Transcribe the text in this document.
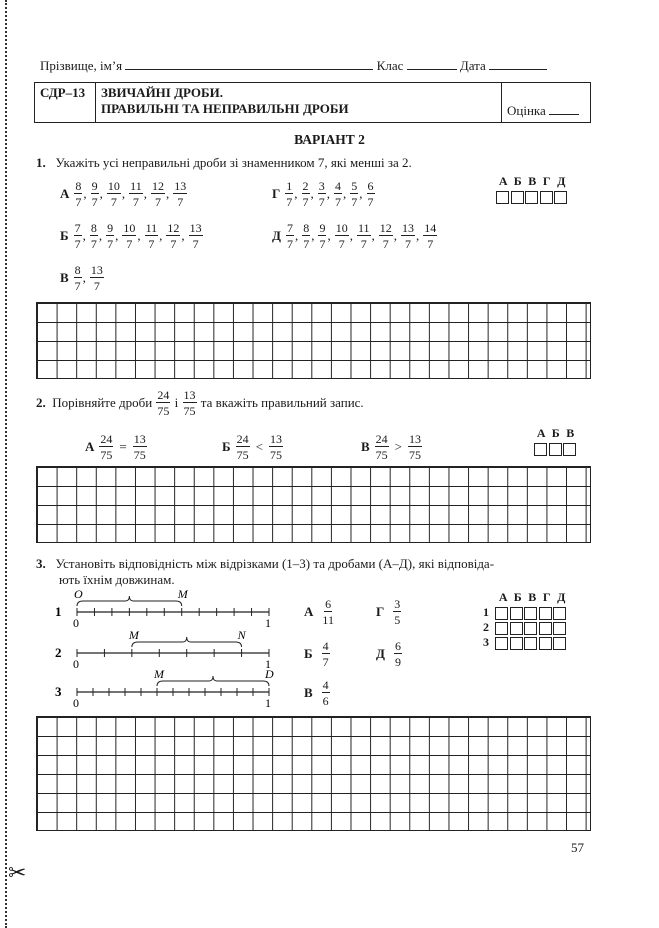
✂
Прізвище, ім’я	Клас	Дата
СДР–13	ЗВИЧАЙНІ ДРОБИ.
ПРАВИЛЬНІ ТА НЕПРАВИЛЬНІ ДРОБИ	Оцінка
ВАРІАНТ 2
1. Укажіть усі неправильні дроби зі знаменником 7, які менші за 2.
А $\frac{8}{7}$ , $\frac{9}{7}$ , $\frac{10}{7}$ , $\frac{11}{7}$ , $\frac{12}{7}$ , $\frac{13}{7}$
Б $\frac{7}{7}$ , $\frac{8}{7}$ , $\frac{9}{7}$ , $\frac{10}{7}$ , $\frac{11}{7}$ , $\frac{12}{7}$ , $\frac{13}{7}$
В $\frac{8}{7}$ , $\frac{13}{7}$
Г $\frac{1}{7}$ , $\frac{2}{7}$ , $\frac{3}{7}$ , $\frac{4}{7}$ , $\frac{5}{7}$ , $\frac{6}{7}$
Д $\frac{7}{7}$ , $\frac{8}{7}$ , $\frac{9}{7}$ , $\frac{10}{7}$ , $\frac{11}{7}$ , $\frac{12}{7}$ , $\frac{13}{7}$ , $\frac{14}{7}$
А Б В Г Д
2.
Порівняйте дроби
$\frac{24}{75}$
і
$\frac{13}{75}$
та вкажіть правильний запис.
А $\frac{24}{75} = \frac{13}{75}$	Б $\frac{24}{75} < \frac{13}{75}$	В $\frac{24}{75} > \frac{13}{75}$	А Б В
3. Установіть відповідність між відрізками (1–3) та дробами (А–Д), які відповіда-
ють їхнім довжинам.
1
0	1
O	M
2
0	1
M	N
3
0	1
M	D
А $\frac{6}{11}$
Б $\frac{4}{7}$
В $\frac{4}{6}$
Г $\frac{3}{5}$
Д $\frac{6}{9}$
А Б В Г Д
1
2
3
57
